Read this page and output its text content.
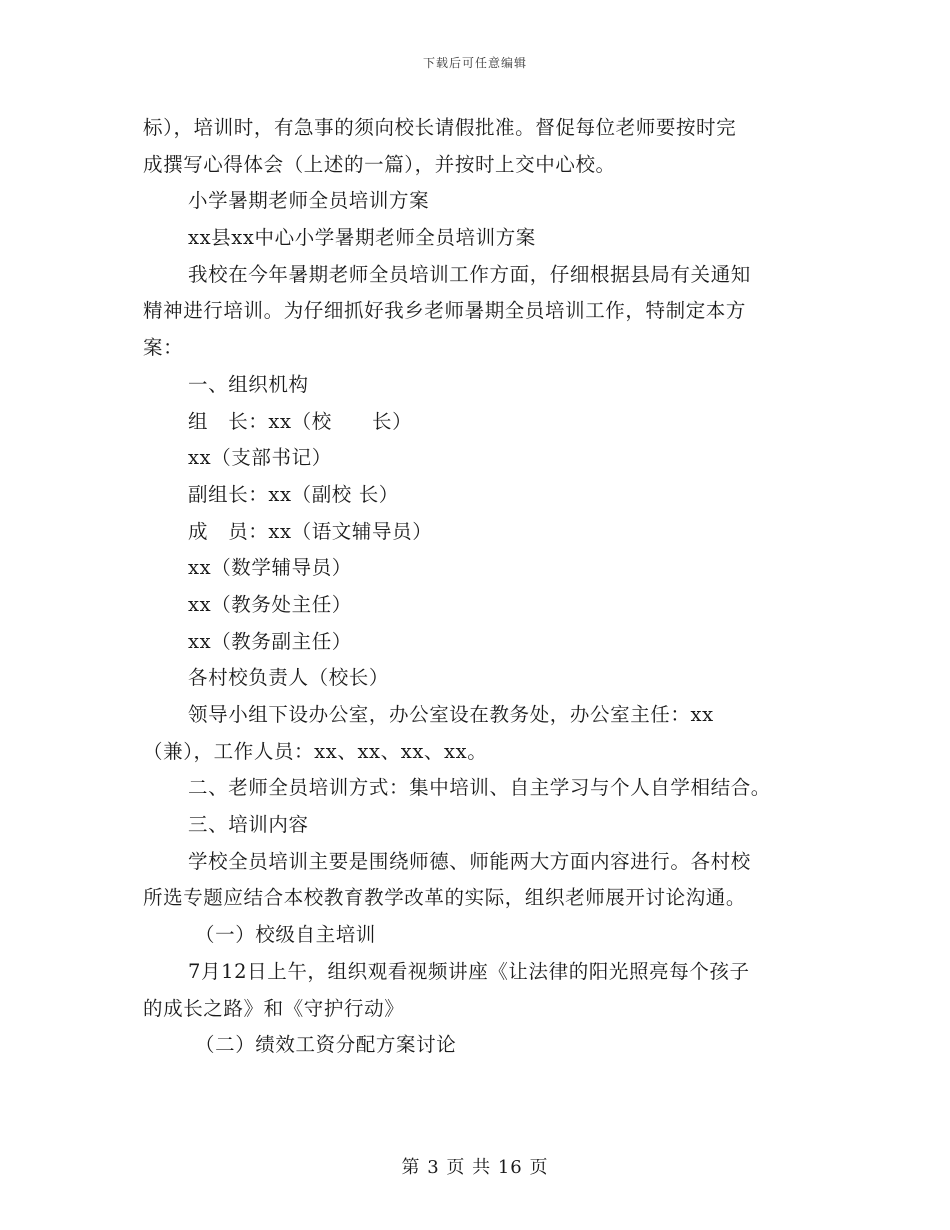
下载后可任意编辑
标），培训时，有急事的须向校长请假批准。督促每位老师要按时完
成撰写心得体会（上述的一篇），并按时上交中心校。
小学暑期老师全员培训方案
xx县xx中心小学暑期老师全员培训方案
我校在今年暑期老师全员培训工作方面，仔细根据县局有关通知
精神进行培训。为仔细抓好我乡老师暑期全员培训工作，特制定本方
案：
一、组织机构
组　长：xx（校　　长）
xx（支部书记）
副组长：xx（副校 长）
成　员：xx（语文辅导员）
xx（数学辅导员）
xx（教务处主任）
xx（教务副主任）
各村校负责人（校长）
领导小组下设办公室，办公室设在教务处，办公室主任：xx
（兼），工作人员：xx、xx、xx、xx。
二、老师全员培训方式：集中培训、自主学习与个人自学相结合。
三、培训内容
学校全员培训主要是围绕师德、师能两大方面内容进行。各村校
所选专题应结合本校教育教学改革的实际，组织老师展开讨论沟通。
（一）校级自主培训
7月12日上午，组织观看视频讲座《让法律的阳光照亮每个孩子
的成长之路》和《守护行动》
（二）绩效工资分配方案讨论
第 3 页 共 16 页
